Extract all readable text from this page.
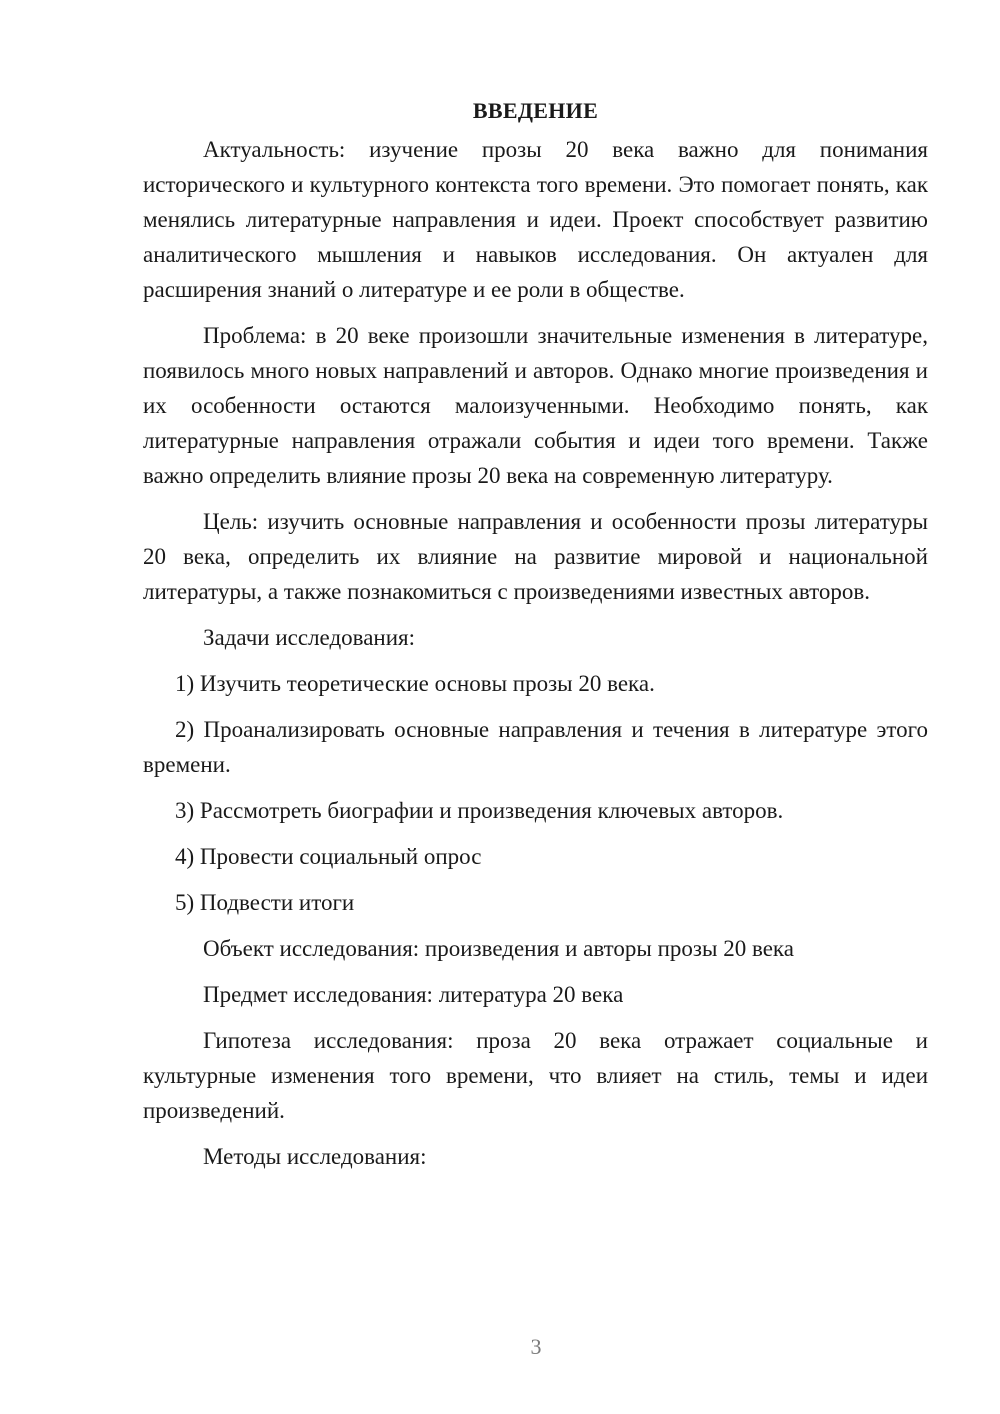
ВВЕДЕНИЕ

Актуальность: изучение прозы 20 века важно для понимания исторического и культурного контекста того времени. Это помогает понять, как менялись литературные направления и идеи. Проект способствует развитию аналитического мышления и навыков исследования. Он актуален для расширения знаний о литературе и ее роли в обществе.

Проблема: в 20 веке произошли значительные изменения в литературе, появилось много новых направлений и авторов. Однако многие произведения и их особенности остаются малоизученными. Необходимо понять, как литературные направления отражали события и идеи того времени. Также важно определить влияние прозы 20 века на современную литературу.

Цель: изучить основные направления и особенности прозы литературы 20 века, определить их влияние на развитие мировой и национальной литературы, а также познакомиться с произведениями известных авторов.

Задачи исследования:

1) Изучить теоретические основы прозы 20 века.

2) Проанализировать основные направления и течения в литературе этого времени.

3) Рассмотреть биографии и произведения ключевых авторов.

4) Провести социальный опрос

5) Подвести итоги

Объект исследования: произведения и авторы прозы 20 века

Предмет исследования: литература 20 века

Гипотеза исследования: проза 20 века отражает социальные и культурные изменения того времени, что влияет на стиль, темы и идеи произведений.

Методы исследования:

3
